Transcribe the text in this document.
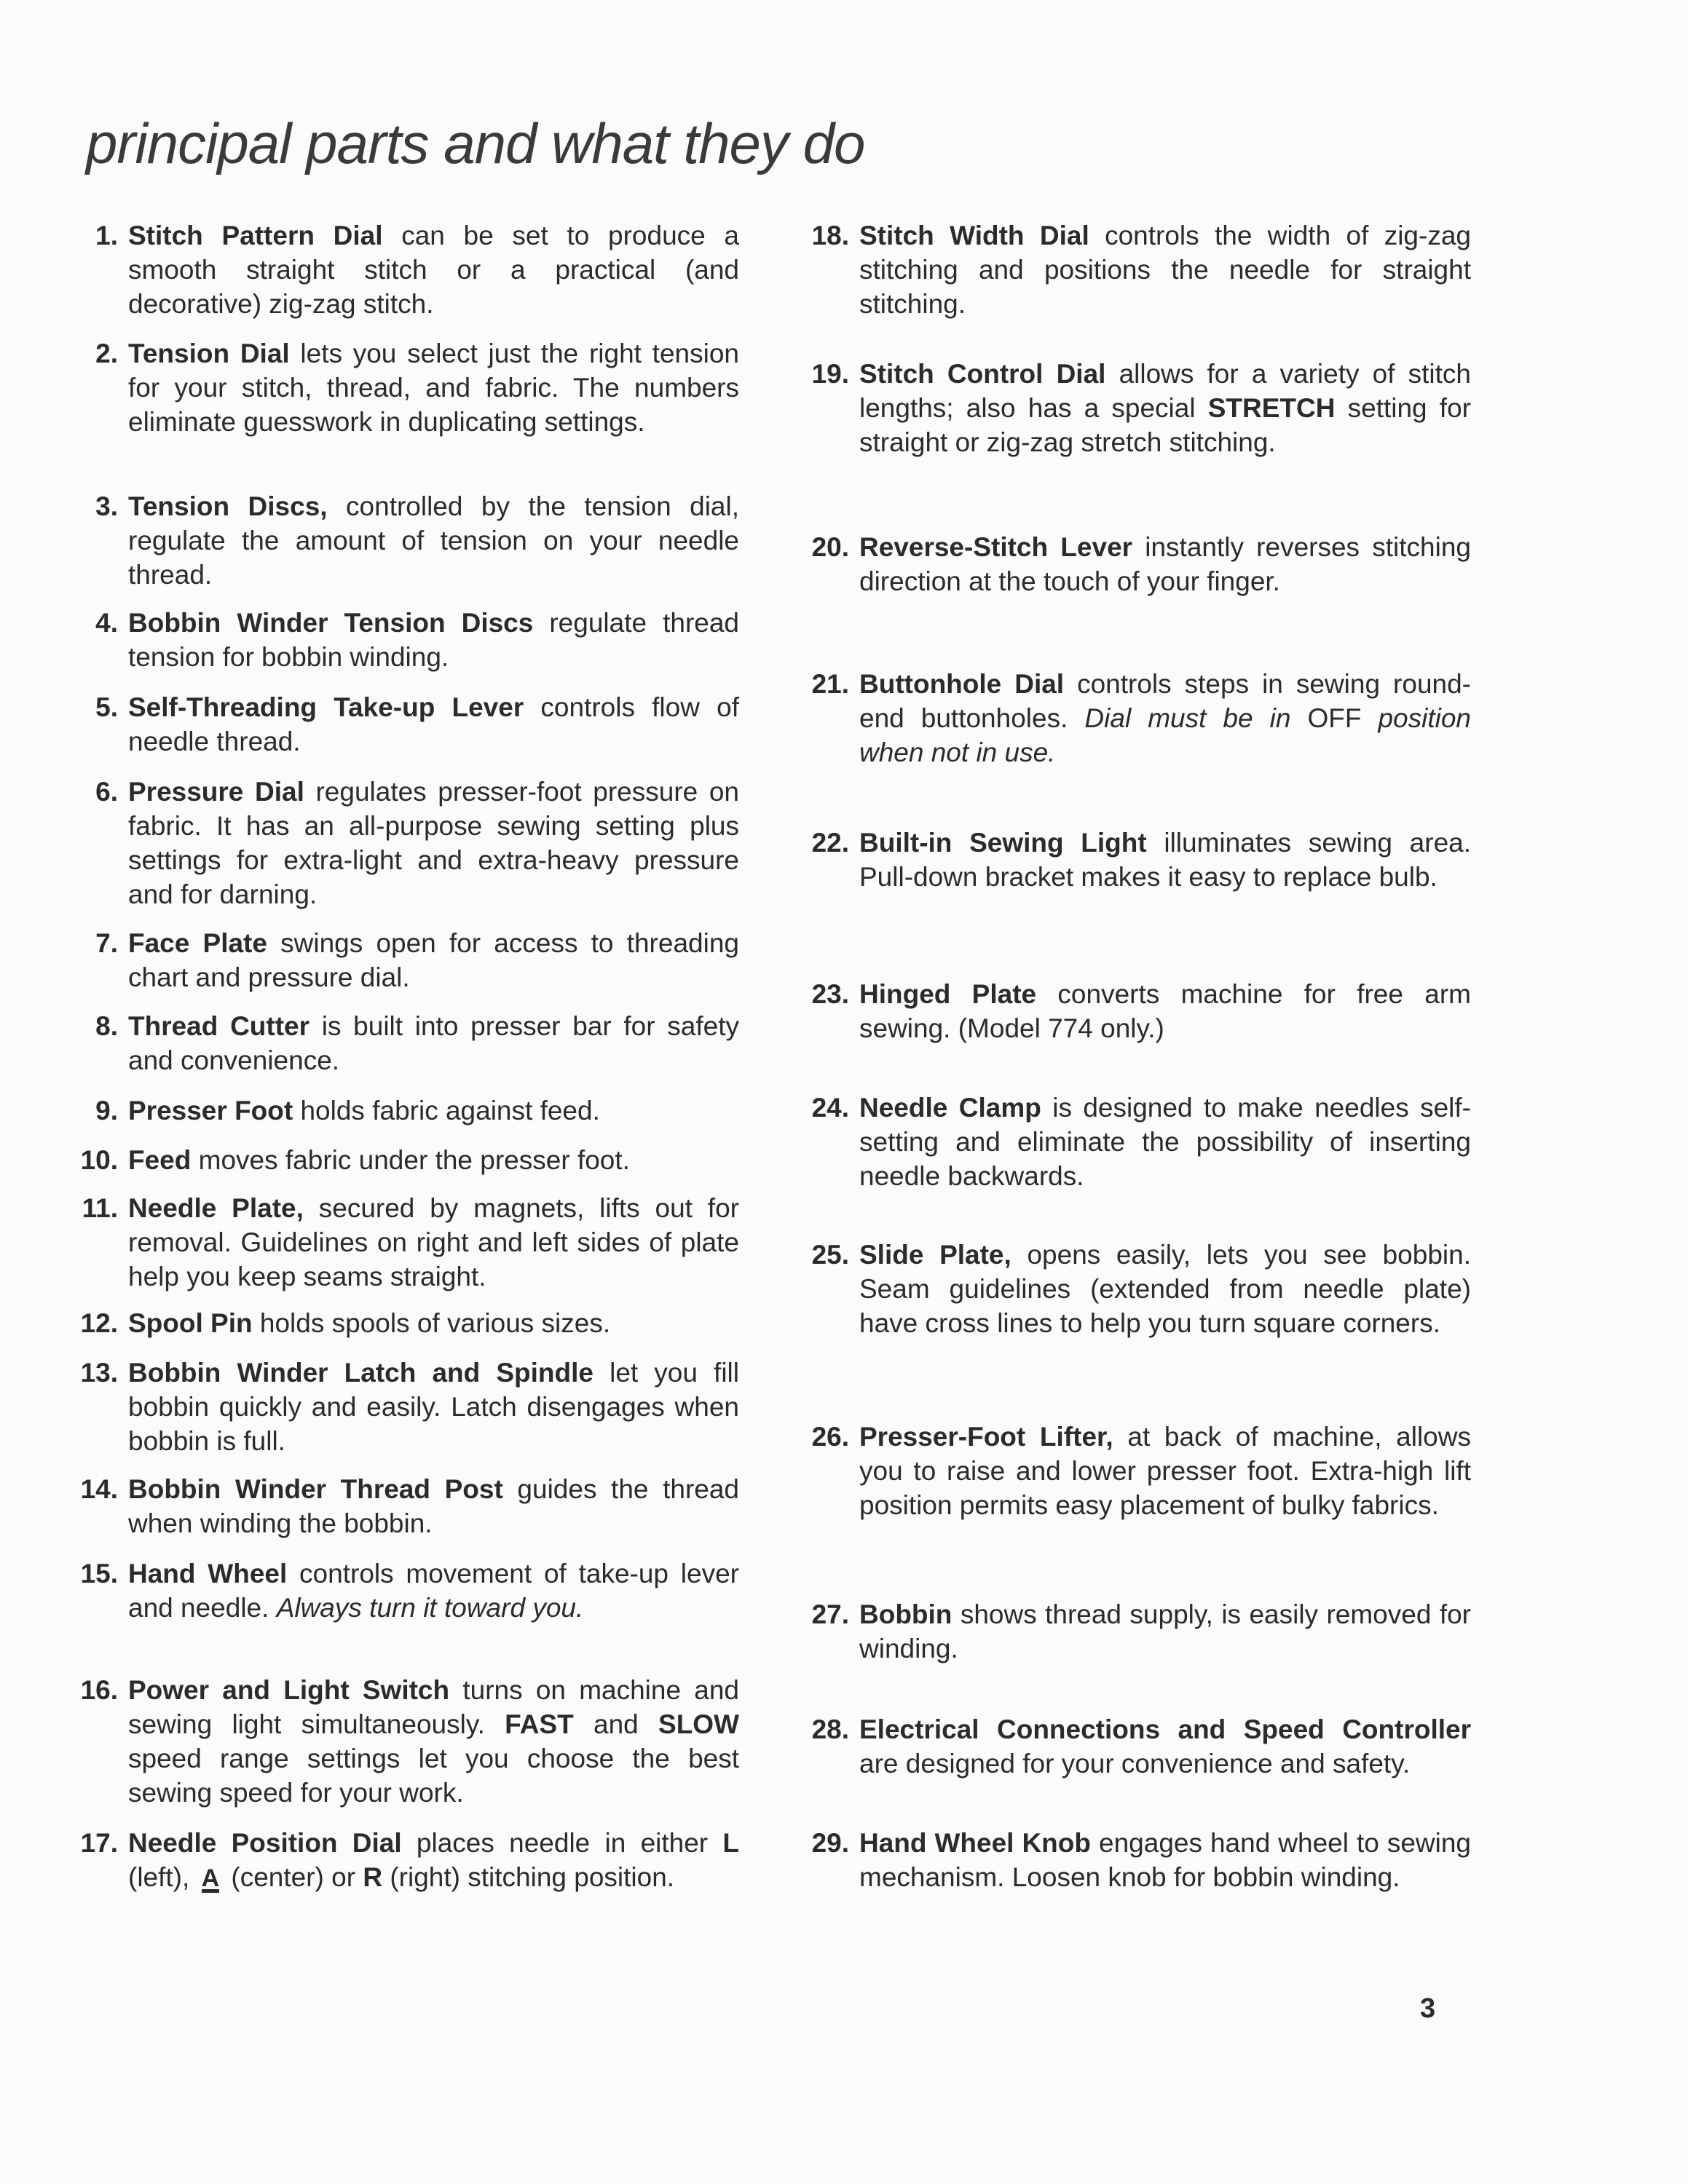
principal parts and what they do
1. Stitch Pattern Dial can be set to produce a smooth straight stitch or a practical (and decorative) zig-zag stitch.
2. Tension Dial lets you select just the right tension for your stitch, thread, and fabric. The numbers eliminate guesswork in duplicating settings.
3. Tension Discs, controlled by the tension dial, regulate the amount of tension on your needle thread.
4. Bobbin Winder Tension Discs regulate thread tension for bobbin winding.
5. Self-Threading Take-up Lever controls flow of needle thread.
6. Pressure Dial regulates presser-foot pressure on fabric. It has an all-purpose sewing setting plus settings for extra-light and extra-heavy pressure and for darning.
7. Face Plate swings open for access to threading chart and pressure dial.
8. Thread Cutter is built into presser bar for safety and convenience.
9. Presser Foot holds fabric against feed.
10. Feed moves fabric under the presser foot.
11. Needle Plate, secured by magnets, lifts out for removal. Guidelines on right and left sides of plate help you keep seams straight.
12. Spool Pin holds spools of various sizes.
13. Bobbin Winder Latch and Spindle let you fill bobbin quickly and easily. Latch disengages when bobbin is full.
14. Bobbin Winder Thread Post guides the thread when winding the bobbin.
15. Hand Wheel controls movement of take-up lever and needle. Always turn it toward you.
16. Power and Light Switch turns on machine and sewing light simultaneously. FAST and SLOW speed range settings let you choose the best sewing speed for your work.
17. Needle Position Dial places needle in either L (left), A (center) or R (right) stitching position.
18. Stitch Width Dial controls the width of zig-zag stitching and positions the needle for straight stitching.
19. Stitch Control Dial allows for a variety of stitch lengths; also has a special STRETCH setting for straight or zig-zag stretch stitching.
20. Reverse-Stitch Lever instantly reverses stitching direction at the touch of your finger.
21. Buttonhole Dial controls steps in sewing round-end buttonholes. Dial must be in OFF position when not in use.
22. Built-in Sewing Light illuminates sewing area. Pull-down bracket makes it easy to replace bulb.
23. Hinged Plate converts machine for free arm sewing. (Model 774 only.)
24. Needle Clamp is designed to make needles self-setting and eliminate the possibility of inserting needle backwards.
25. Slide Plate, opens easily, lets you see bobbin. Seam guidelines (extended from needle plate) have cross lines to help you turn square corners.
26. Presser-Foot Lifter, at back of machine, allows you to raise and lower presser foot. Extra-high lift position permits easy placement of bulky fabrics.
27. Bobbin shows thread supply, is easily removed for winding.
28. Electrical Connections and Speed Controller are designed for your convenience and safety.
29. Hand Wheel Knob engages hand wheel to sewing mechanism. Loosen knob for bobbin winding.
3
